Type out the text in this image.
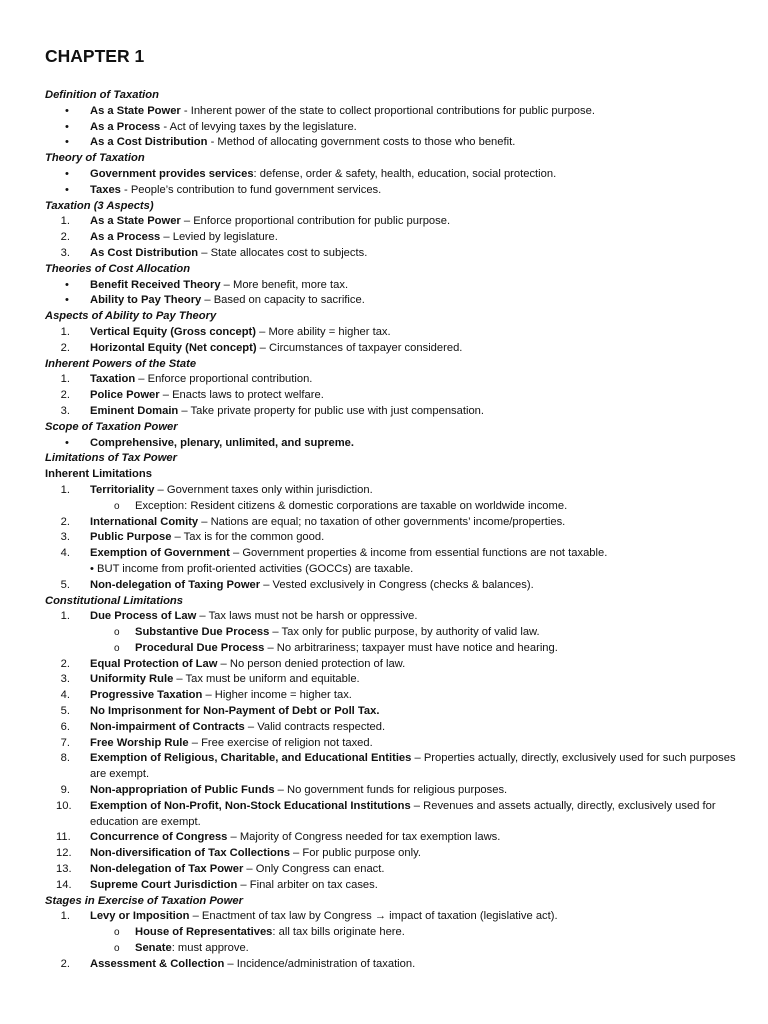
CHAPTER 1
Definition of Taxation
• As a State Power - Inherent power of the state to collect proportional contributions for public purpose.
• As a Process - Act of levying taxes by the legislature.
• As a Cost Distribution - Method of allocating government costs to those who benefit.
Theory of Taxation
• Government provides services: defense, order & safety, health, education, social protection.
• Taxes - People’s contribution to fund government services.
Taxation (3 Aspects)
1. As a State Power – Enforce proportional contribution for public purpose.
2. As a Process – Levied by legislature.
3. As Cost Distribution – State allocates cost to subjects.
Theories of Cost Allocation
• Benefit Received Theory – More benefit, more tax.
• Ability to Pay Theory – Based on capacity to sacrifice.
Aspects of Ability to Pay Theory
1. Vertical Equity (Gross concept) – More ability = higher tax.
2. Horizontal Equity (Net concept) – Circumstances of taxpayer considered.
Inherent Powers of the State
1. Taxation – Enforce proportional contribution.
2. Police Power – Enacts laws to protect welfare.
3. Eminent Domain – Take private property for public use with just compensation.
Scope of Taxation Power
• Comprehensive, plenary, unlimited, and supreme.
Limitations of Tax Power
Inherent Limitations
1. Territoriality – Government taxes only within jurisdiction.
o Exception: Resident citizens & domestic corporations are taxable on worldwide income.
2. International Comity – Nations are equal; no taxation of other governments’ income/properties.
3. Public Purpose – Tax is for the common good.
4. Exemption of Government – Government properties & income from essential functions are not taxable.
• BUT income from profit-oriented activities (GOCCs) are taxable.
5. Non-delegation of Taxing Power – Vested exclusively in Congress (checks & balances).
Constitutional Limitations
1. Due Process of Law – Tax laws must not be harsh or oppressive.
o Substantive Due Process – Tax only for public purpose, by authority of valid law.
o Procedural Due Process – No arbitrariness; taxpayer must have notice and hearing.
2. Equal Protection of Law – No person denied protection of law.
3. Uniformity Rule – Tax must be uniform and equitable.
4. Progressive Taxation – Higher income = higher tax.
5. No Imprisonment for Non-Payment of Debt or Poll Tax.
6. Non-impairment of Contracts – Valid contracts respected.
7. Free Worship Rule – Free exercise of religion not taxed.
8. Exemption of Religious, Charitable, and Educational Entities – Properties actually, directly, exclusively used for such purposes are exempt.
9. Non-appropriation of Public Funds – No government funds for religious purposes.
10. Exemption of Non-Profit, Non-Stock Educational Institutions – Revenues and assets actually, directly, exclusively used for education are exempt.
11. Concurrence of Congress – Majority of Congress needed for tax exemption laws.
12. Non-diversification of Tax Collections – For public purpose only.
13. Non-delegation of Tax Power – Only Congress can enact.
14. Supreme Court Jurisdiction – Final arbiter on tax cases.
Stages in Exercise of Taxation Power
1. Levy or Imposition – Enactment of tax law by Congress → impact of taxation (legislative act).
o House of Representatives: all tax bills originate here.
o Senate: must approve.
2. Assessment & Collection – Incidence/administration of taxation.
